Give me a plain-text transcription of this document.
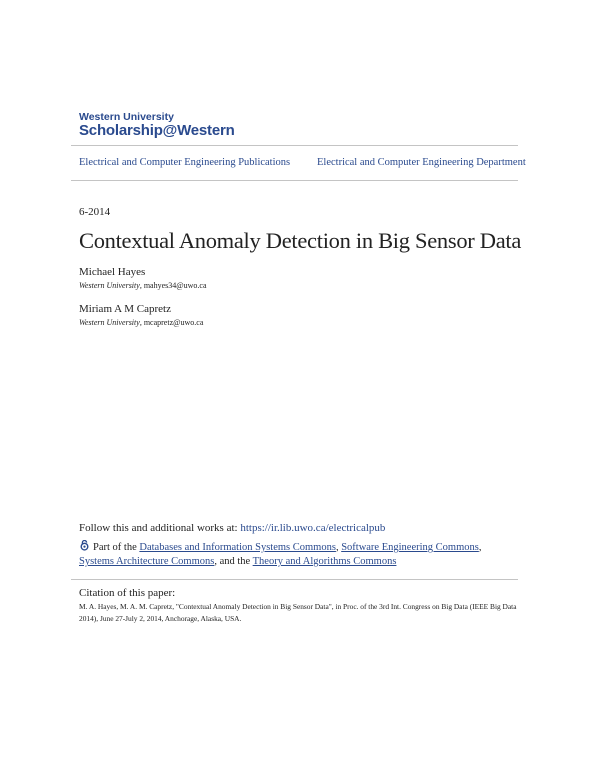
Western University
Scholarship@Western
Electrical and Computer Engineering Publications	Electrical and Computer Engineering Department
6-2014
Contextual Anomaly Detection in Big Sensor Data
Michael Hayes
Western University, mahyes34@uwo.ca
Miriam A M Capretz
Western University, mcapretz@uwo.ca
Follow this and additional works at: https://ir.lib.uwo.ca/electricalpub
Part of the Databases and Information Systems Commons, Software Engineering Commons, Systems Architecture Commons, and the Theory and Algorithms Commons
Citation of this paper:
M. A. Hayes, M. A. M. Capretz, "Contextual Anomaly Detection in Big Sensor Data", in Proc. of the 3rd Int. Congress on Big Data (IEEE Big Data 2014), June 27-July 2, 2014, Anchorage, Alaska, USA.
